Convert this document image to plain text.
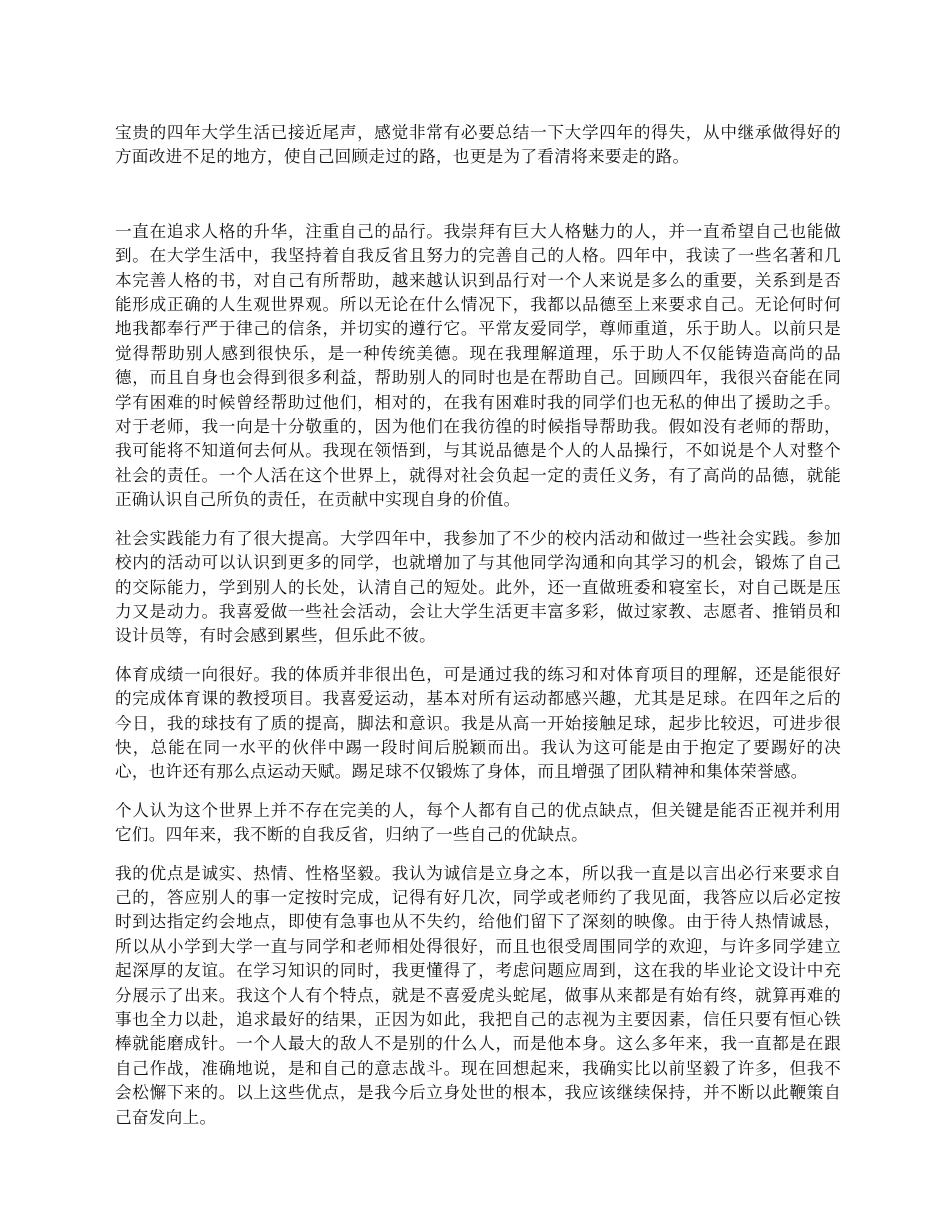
宝贵的四年大学生活已接近尾声，感觉非常有必要总结一下大学四年的得失，从中继承做得好的方面改进不足的地方，使自己回顾走过的路，也更是为了看清将来要走的路。

一直在追求人格的升华，注重自己的品行。我崇拜有巨大人格魅力的人，并一直希望自己也能做到。在大学生活中，我坚持着自我反省且努力的完善自己的人格。四年中，我读了一些名著和几本完善人格的书，对自己有所帮助，越来越认识到品行对一个人来说是多么的重要，关系到是否能形成正确的人生观世界观。所以无论在什么情况下，我都以品德至上来要求自己。无论何时何地我都奉行严于律己的信条，并切实的遵行它。平常友爱同学，尊师重道，乐于助人。以前只是觉得帮助别人感到很快乐，是一种传统美德。现在我理解道理，乐于助人不仅能铸造高尚的品德，而且自身也会得到很多利益，帮助别人的同时也是在帮助自己。回顾四年，我很兴奋能在同学有困难的时候曾经帮助过他们，相对的，在我有困难时我的同学们也无私的伸出了援助之手。对于老师，我一向是十分敬重的，因为他们在我彷徨的时候指导帮助我。假如没有老师的帮助，我可能将不知道何去何从。我现在领悟到，与其说品德是个人的人品操行，不如说是个人对整个社会的责任。一个人活在这个世界上，就得对社会负起一定的责任义务，有了高尚的品德，就能正确认识自己所负的责任，在贡献中实现自身的价值。

社会实践能力有了很大提高。大学四年中，我参加了不少的校内活动和做过一些社会实践。参加校内的活动可以认识到更多的同学，也就增加了与其他同学沟通和向其学习的机会，锻炼了自己的交际能力，学到别人的长处，认清自己的短处。此外，还一直做班委和寝室长，对自己既是压力又是动力。我喜爱做一些社会活动，会让大学生活更丰富多彩，做过家教、志愿者、推销员和设计员等，有时会感到累些，但乐此不彼。

体育成绩一向很好。我的体质并非很出色，可是通过我的练习和对体育项目的理解，还是能很好的完成体育课的教授项目。我喜爱运动，基本对所有运动都感兴趣，尤其是足球。在四年之后的今日，我的球技有了质的提高，脚法和意识。我是从高一开始接触足球，起步比较迟，可进步很快，总能在同一水平的伙伴中踢一段时间后脱颖而出。我认为这可能是由于抱定了要踢好的决心，也许还有那么点运动天赋。踢足球不仅锻炼了身体，而且增强了团队精神和集体荣誉感。

个人认为这个世界上并不存在完美的人，每个人都有自己的优点缺点，但关键是能否正视并利用它们。四年来，我不断的自我反省，归纳了一些自己的优缺点。

我的优点是诚实、热情、性格坚毅。我认为诚信是立身之本，所以我一直是以言出必行来要求自己的，答应别人的事一定按时完成，记得有好几次，同学或老师约了我见面，我答应以后必定按时到达指定约会地点，即使有急事也从不失约，给他们留下了深刻的映像。由于待人热情诚恳，所以从小学到大学一直与同学和老师相处得很好，而且也很受周围同学的欢迎，与许多同学建立起深厚的友谊。在学习知识的同时，我更懂得了，考虑问题应周到，这在我的毕业论文设计中充分展示了出来。我这个人有个特点，就是不喜爱虎头蛇尾，做事从来都是有始有终，就算再难的事也全力以赴，追求最好的结果，正因为如此，我把自己的志视为主要因素，信任只要有恒心铁棒就能磨成针。一个人最大的敌人不是别的什么人，而是他本身。这么多年来，我一直都是在跟自己作战，准确地说，是和自己的意志战斗。现在回想起来，我确实比以前坚毅了许多，但我不会松懈下来的。以上这些优点，是我今后立身处世的根本，我应该继续保持，并不断以此鞭策自己奋发向上。
